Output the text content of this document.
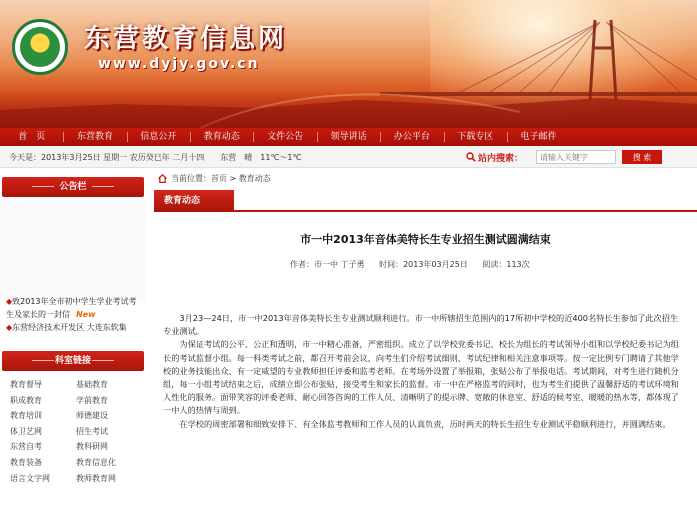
东营教育信息网
www.dyjy.gov.cn
首　页	东营教育	信息公开	教育动态	文件公告	领导讲话	办公平台	下载专区	电子邮件
今天是：2013年3月25日 星期一 农历癸巳年 二月十四　　东营　晴　11℃～1℃	站内搜索：
请输入关键字	搜 索
公告栏
◆致2013年全市初中学生学业考试考
生及家长的一封信 New
◆东营经济技术开发区 大连东软集
科室链接
教育督导	基础教育
职成教育	学前教育
教育培训	师德建设
体卫艺网	招生考试
东营自考	教科研网
教育装备	教育信息化
语言文字网	教师教育网
当前位置：首页 > 教育动态
教育动态
市一中2013年音体美特长生专业招生测试圆满结束
作者：市一中 丁子勇 时间：2013年03月25日 阅读：113次

3月23—24日，市一中2013年音体美特长生专业测试顺利进行。市一中所辖招生范围内的17所初中学校的近400名特长生参加了此次招生专业测试。

为保证考试的公平、公正和透明，市一中精心准备，严密组织。成立了以学校党委书记、校长为组长的考试领导小组和以学校纪委书记为组长的考试监督小组。每一科类考试之前，都召开考前会议，向考生们介绍考试细则、考试纪律和相关注意事项等。按一定比例专门聘请了其他学校的业务技能出众、有一定威望的专业教师担任评委和监考老师。在考场外设置了举报箱，张贴公布了举报电话。考试期间，对考生进行随机分组，每一小组考试结束之后，成绩立即公布张贴，接受考生和家长的监督。市一中在严格监考的同时，也为考生们提供了温馨舒适的考试环境和人性化的服务。面带笑容的评委老师、耐心回答咨询的工作人员、清晰明了的提示牌、宽敞的休息室、舒适的候考室、暖暖的热水等，都体现了一中人的热情与周到。

在学校的周密部署和细致安排下、有全体监考教师和工作人员的认真负责，历时两天的特长生招生专业测试平稳顺利进行，并圆满结束。
